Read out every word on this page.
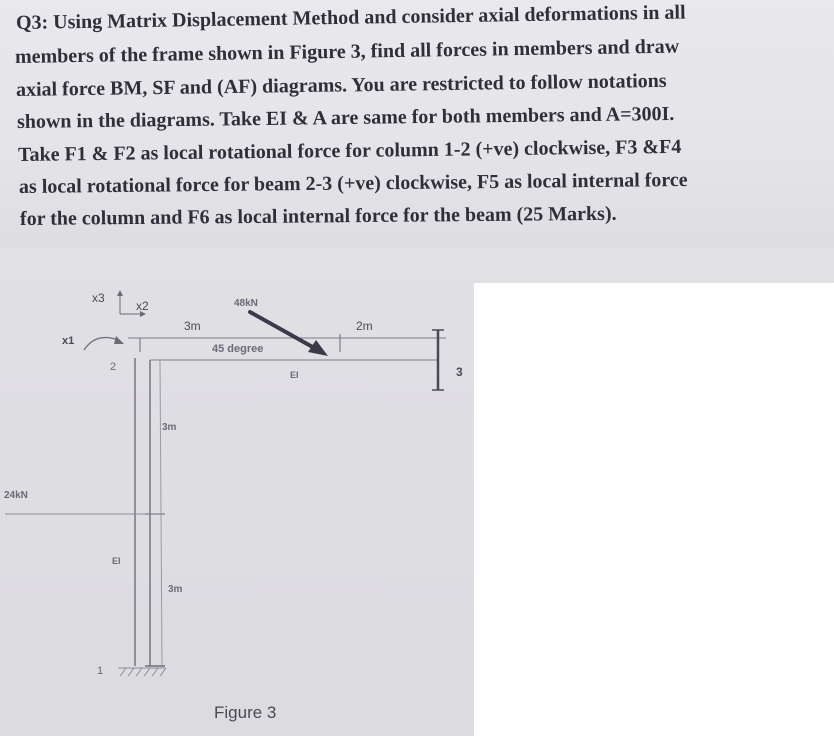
Q3: Using Matrix Displacement Method and consider axial deformations in all

members of the frame shown in Figure 3, find all forces in members and draw

axial force BM, SF and (AF) diagrams. You are restricted to follow notations

shown in the diagrams. Take EI & A are same for both members and A=300I.

Take F1 & F2 as local rotational force for column 1-2 (+ve) clockwise, F3 &F4

as local rotational force for beam 2-3 (+ve) clockwise, F5 as local internal force

for the column and F6 as local internal force for the beam (25 Marks).

x3
x2
x1
2
1
3
48kN
45 degree
24kN
3m	2m
3m
3m
EI
EI
Figure 3
